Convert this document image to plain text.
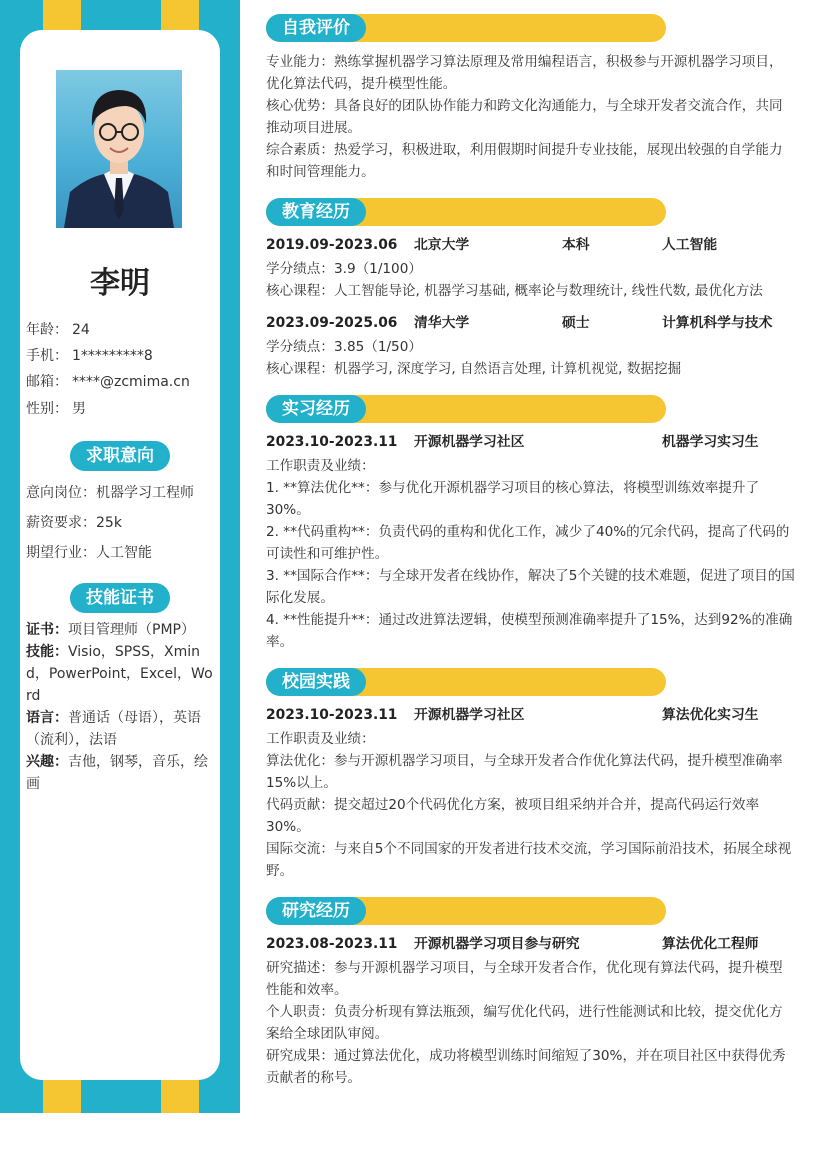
李明
年龄： 24
手机： 1*********8
邮箱： ****@zcmima.cn
性别： 男
求职意向
意向岗位：机器学习工程师
薪资要求：25k
期望行业：人工智能
技能证书
证书：项目管理师（PMP）
技能：Visio，SPSS，Xmind，PowerPoint，Excel，Word
语言：普通话（母语），英语（流利），法语
兴趣：吉他，钢琴，音乐，绘画
自我评价
专业能力：熟练掌握机器学习算法原理及常用编程语言，积极参与开源机器学习项目，优化算法代码，提升模型性能。
核心优势：具备良好的团队协作能力和跨文化沟通能力，与全球开发者交流合作，共同推动项目进展。
综合素质：热爱学习，积极进取，利用假期时间提升专业技能，展现出较强的自学能力和时间管理能力。
教育经历
2019.09-2023.06 北京大学	本科	人工智能
学分绩点：3.9（1/100）
核心课程：人工智能导论, 机器学习基础, 概率论与数理统计, 线性代数, 最优化方法
2023.09-2025.06 清华大学	硕士	计算机科学与技术
学分绩点：3.85（1/50）
核心课程：机器学习, 深度学习, 自然语言处理, 计算机视觉, 数据挖掘
实习经历
2023.10-2023.11 开源机器学习社区	机器学习实习生
工作职责及业绩：
1. **算法优化**：参与优化开源机器学习项目的核心算法，将模型训练效率提升了30%。
2. **代码重构**：负责代码的重构和优化工作，减少了40%的冗余代码，提高了代码的可读性和可维护性。
3. **国际合作**：与全球开发者在线协作，解决了5个关键的技术难题，促进了项目的国际化发展。
4. **性能提升**：通过改进算法逻辑，使模型预测准确率提升了15%，达到92%的准确率。
校园实践
2023.10-2023.11 开源机器学习社区	算法优化实习生
工作职责及业绩：
算法优化：参与开源机器学习项目，与全球开发者合作优化算法代码，提升模型准确率15%以上。
代码贡献：提交超过20个代码优化方案，被项目组采纳并合并，提高代码运行效率30%。
国际交流：与来自5个不同国家的开发者进行技术交流，学习国际前沿技术，拓展全球视野。
研究经历
2023.08-2023.11 开源机器学习项目参与研究	算法优化工程师
研究描述：参与开源机器学习项目，与全球开发者合作，优化现有算法代码，提升模型性能和效率。
个人职责：负责分析现有算法瓶颈，编写优化代码，进行性能测试和比较，提交优化方案给全球团队审阅。
研究成果：通过算法优化，成功将模型训练时间缩短了30%，并在项目社区中获得优秀贡献者的称号。
